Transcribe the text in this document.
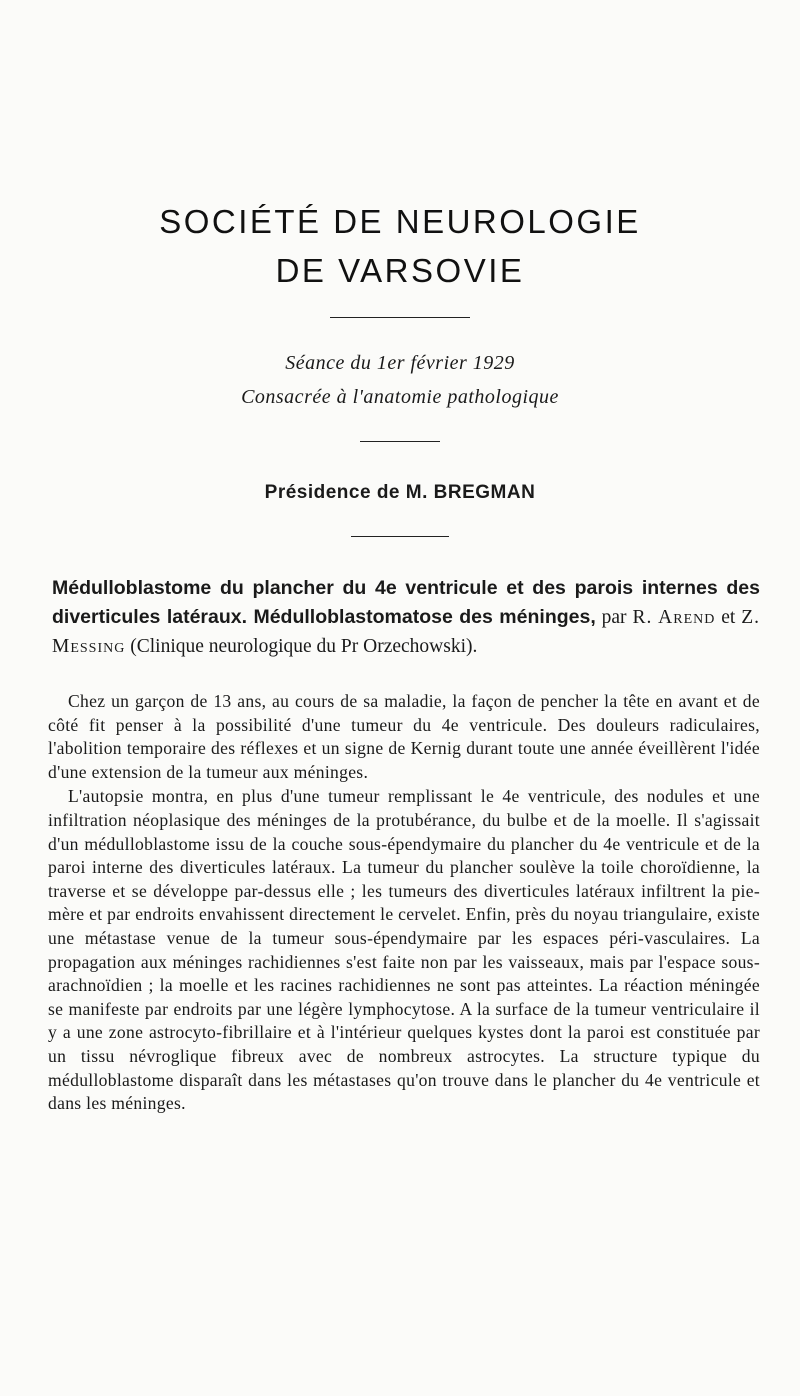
SOCIÉTÉ DE NEUROLOGIE
DE VARSOVIE
Séance du 1er février 1929
Consacrée à l'anatomie pathologique
Présidence de M. BREGMAN
Médulloblastome du plancher du 4e ventricule et des parois internes des diverticules latéraux. Médulloblastomatose des méninges, par R. Arend et Z. Messing (Clinique neurologique du Pr Orzechowski).

Chez un garçon de 13 ans, au cours de sa maladie, la façon de pencher la tête en avant et de côté fit penser à la possibilité d'une tumeur du 4e ventricule. Des douleurs radiculaires, l'abolition temporaire des réflexes et un signe de Kernig durant toute une année éveillèrent l'idée d'une extension de la tumeur aux méninges.

L'autopsie montra, en plus d'une tumeur remplissant le 4e ventricule, des nodules et une infiltration néoplasique des méninges de la protubérance, du bulbe et de la moelle. Il s'agissait d'un médulloblastome issu de la couche sous-épendymaire du plancher du 4e ventricule et de la paroi interne des diverticules latéraux. La tumeur du plancher soulève la toile choroïdienne, la traverse et se développe par-dessus elle ; les tumeurs des diverticules latéraux infiltrent la pie-mère et par endroits envahissent directement le cervelet. Enfin, près du noyau triangulaire, existe une métastase venue de la tumeur sous-épendymaire par les espaces péri-vasculaires. La propagation aux méninges rachidiennes s'est faite non par les vaisseaux, mais par l'espace sous-arachnoïdien ; la moelle et les racines rachidiennes ne sont pas atteintes. La réaction méningée se manifeste par endroits par une légère lymphocytose. A la surface de la tumeur ventriculaire il y a une zone astrocyto-fibrillaire et à l'intérieur quelques kystes dont la paroi est constituée par un tissu névroglique fibreux avec de nombreux astrocytes. La structure typique du médulloblastome disparaît dans les métastases qu'on trouve dans le plancher du 4e ventricule et dans les méninges.
